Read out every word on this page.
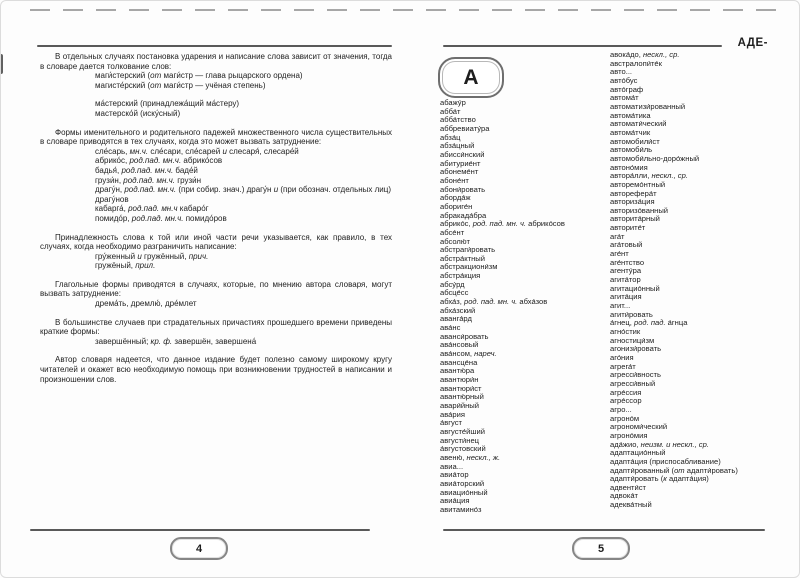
В отдельных случаях постановка ударения и написание слова зависит от значения, тогда в словаре дается толкование слов:
маги́стерский (от маги́стр — глава рыцарского ордена)
магисте́рский (от маги́стр — учёная степень)
ма́стерский (принадлежа́щий ма́стеру)
мастерско́й (иску́сный)
Формы именительного и родительного падежей множественного числа существительных в словаре приводятся в тех случаях, когда это может вызвать затруднение:
сле́сарь, мн.ч. сле́сари, сле́сарей и слесаря́, слесаре́й
абрико́с, род.пад. мн.ч. абрико́сов
бадья́, род.пад. мн.ч. баде́й
грузи́н, род.пад. мн.ч. грузи́н
драгу́н, род.пад. мн.ч. (при собир. знач.) драгу́н и (при обознач. отдельных лиц) драгу́нов
кабарга́, род.пад. мн.ч кабаро́г
помидо́р, род.пад. мн.ч. помидо́ров
Принадлежность слова к той или иной части речи указывается, как правило, в тех случаях, когда необходимо разграничить написание:
гру́женный и гружённый, прич.
гружёный, прил.
Глагольные формы приводятся в случаях, которые, по мнению автора словаря, могут вызвать затруднение:
дрема́ть, дремлю́, дре́млет
В большинстве случаев при страдательных причастиях прошедшего времени приведены краткие формы:
завершённый; кр. ф. завершён, завершена́
Автор словаря надеется, что данное издание будет полезно самому широкому кругу читателей и окажет всю необходимую помощь при возникновении трудностей в написании и произношении слов.
4
АДЕ-
А
абажу́р
абба́т
абба́тство
аббревиату́ра
абза́ц
абза́цный
абисси́нский
абитурие́нт
абонеме́нт
абоне́нт
абони́ровать
аборда́ж
абориге́н
абракада́бра
абрико́с, род. пад. мн. ч. абрико́сов
абсе́нт
абсолю́т
абстраги́ровать
абстра́ктный
абстракциони́зм
абстра́кция
абсу́рд
абсце́сс
абха́з, род. пад. мн. ч. абха́зов
абха́зский
аванга́рд
ава́нс
аванси́ровать
ава́нсовый
ава́нсом, нареч.
авансце́на
авантю́ра
авантюри́н
авантюри́ст
авантю́рный
авари́йный
ава́рия
а́вгуст
августе́йший
августи́нец
а́вгустовский
авеню́, нескл., ж.
авиа...
авиа́тор
авиа́торский
авиацио́нный
авиа́ция
авитамино́з
авока́до, нескл., ср.
австралопи́те́к
авто...
авто́бус
авто́граф
автома́т
автоматизи́рованный
автома́тика
автомати́ческий
автома́тчик
автомобили́ст
автомоби́ль
автомоби́льно-доро́жный
автоно́мия
автора́лли, нескл., ср.
авторемо́нтный
авторефера́т
авториза́ция
авторизо́ванный
авторита́рный
авторите́т
ага́т
ага́товый
аге́нт
аге́нтство
агенту́ра
агита́тор
агитацио́нный
агита́ция
агит...
агити́ровать
а́гнец, род. пад. а́гнца
агно́стик
агностици́зм
агонизи́ровать
аго́ния
агрега́т
агресси́вность
агресси́вный
агре́ссия
агре́ссор
агро...
агроно́м
агрономи́ческий
агроно́мия
ада́жио, неизм. и нескл., ср.
адаптацио́нный
адапта́ция (приспосабливание)
адапти́рованный (от адапти́ровать)
адапти́ровать (к адапта́ция)
адвенти́ст
адвока́т
адеква́тный
5
